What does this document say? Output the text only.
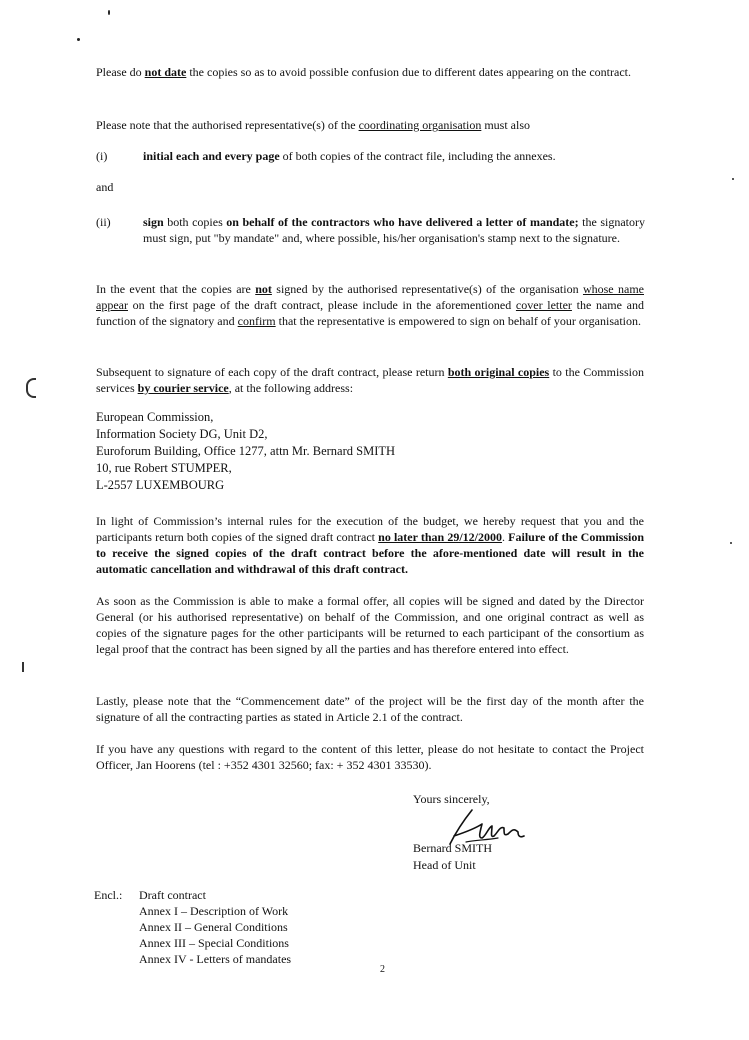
Please do not date the copies so as to avoid possible confusion due to different dates appearing on the contract.

Please note that the authorised representative(s) of the coordinating organisation must also

(i)	initial each and every page of both copies of the contract file, including the annexes.
and
(ii)	sign both copies on behalf of the contractors who have delivered a letter of mandate; the signatory must sign, put "by mandate" and, where possible, his/her organisation's stamp next to the signature.

In the event that the copies are not signed by the authorised representative(s) of the organisation whose name appear on the first page of the draft contract, please include in the aforementioned cover letter the name and function of the signatory and confirm that the representative is empowered to sign on behalf of your organisation.

Subsequent to signature of each copy of the draft contract, please return both original copies to the Commission services by courier service, at the following address:

European Commission,
Information Society DG, Unit D2,
Euroforum Building, Office 1277, attn Mr. Bernard SMITH
10, rue Robert STUMPER,
L-2557 LUXEMBOURG

In light of Commission’s internal rules for the execution of the budget, we hereby request that you and the participants return both copies of the signed draft contract no later than 29/12/2000. Failure of the Commission to receive the signed copies of the draft contract before the afore-mentioned date will result in the automatic cancellation and withdrawal of this draft contract.

As soon as the Commission is able to make a formal offer, all copies will be signed and dated by the Director General (or his authorised representative) on behalf of the Commission, and one original contract as well as copies of the signature pages for the other participants will be returned to each participant of the consortium as legal proof that the contract has been signed by all the parties and has therefore entered into effect.

Lastly, please note that the “Commencement date” of the project will be the first day of the month after the signature of all the contracting parties as stated in Article 2.1 of the contract.

If you have any questions with regard to the content of this letter, please do not hesitate to contact the Project Officer, Jan Hoorens (tel : +352 4301 32560; fax: + 352 4301 33530).

Yours sincerely,
Bernard SMITH
Head of Unit
Encl.: Draft contract
Annex I – Description of Work
Annex II – General Conditions
Annex III – Special Conditions
Annex IV - Letters of mandates
2
